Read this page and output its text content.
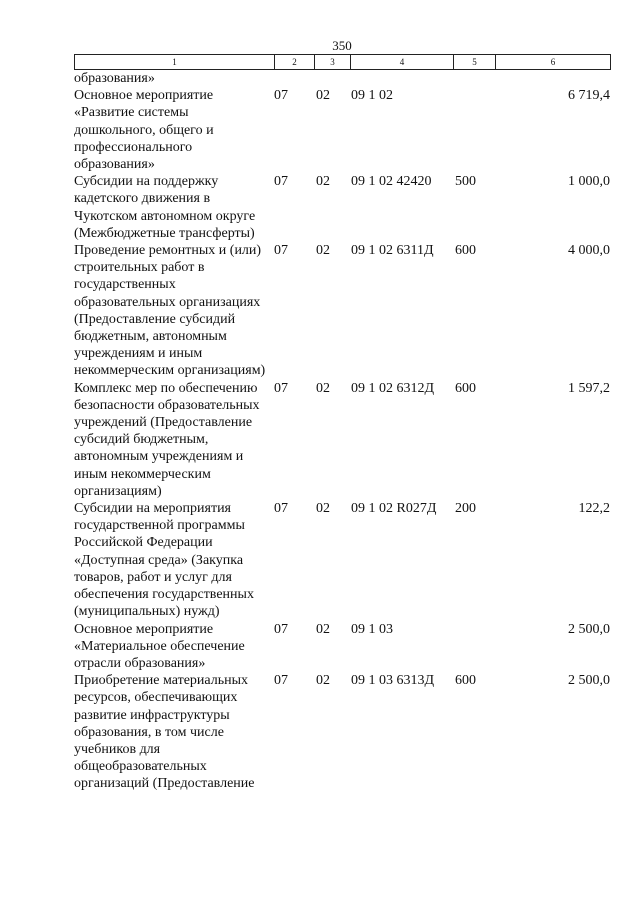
350
1	2	3	4	5	6
образования»					
Основное мероприятие «Развитие системы дошкольного, общего и профессионального образования»	07	02	09 1 02		6 719,4
Субсидии на поддержку кадетского движения в Чукотском автономном округе (Межбюджетные трансферты)	07	02	09 1 02 42420	500	1 000,0
Проведение ремонтных и (или) строительных работ в государственных образовательных организациях (Предоставление субсидий бюджетным, автономным учреждениям и иным некоммерческим организациям)	07	02	09 1 02 6311Д	600	4 000,0
Комплекс мер по обеспечению безопасности образовательных учреждений (Предоставление субсидий бюджетным, автономным учреждениям и иным некоммерческим организациям)	07	02	09 1 02 6312Д	600	1 597,2
Субсидии на мероприятия государственной программы Российской Федерации «Доступная среда» (Закупка товаров, работ и услуг для обеспечения государственных (муниципальных) нужд)	07	02	09 1 02 R027Д	200	122,2
Основное мероприятие «Материальное обеспечение отрасли образования»	07	02	09 1 03		2 500,0
Приобретение материальных ресурсов, обеспечивающих развитие инфраструктуры образования, в том числе учебников для общеобразовательных организаций (Предоставление	07	02	09 1 03 6313Д	600	2 500,0
